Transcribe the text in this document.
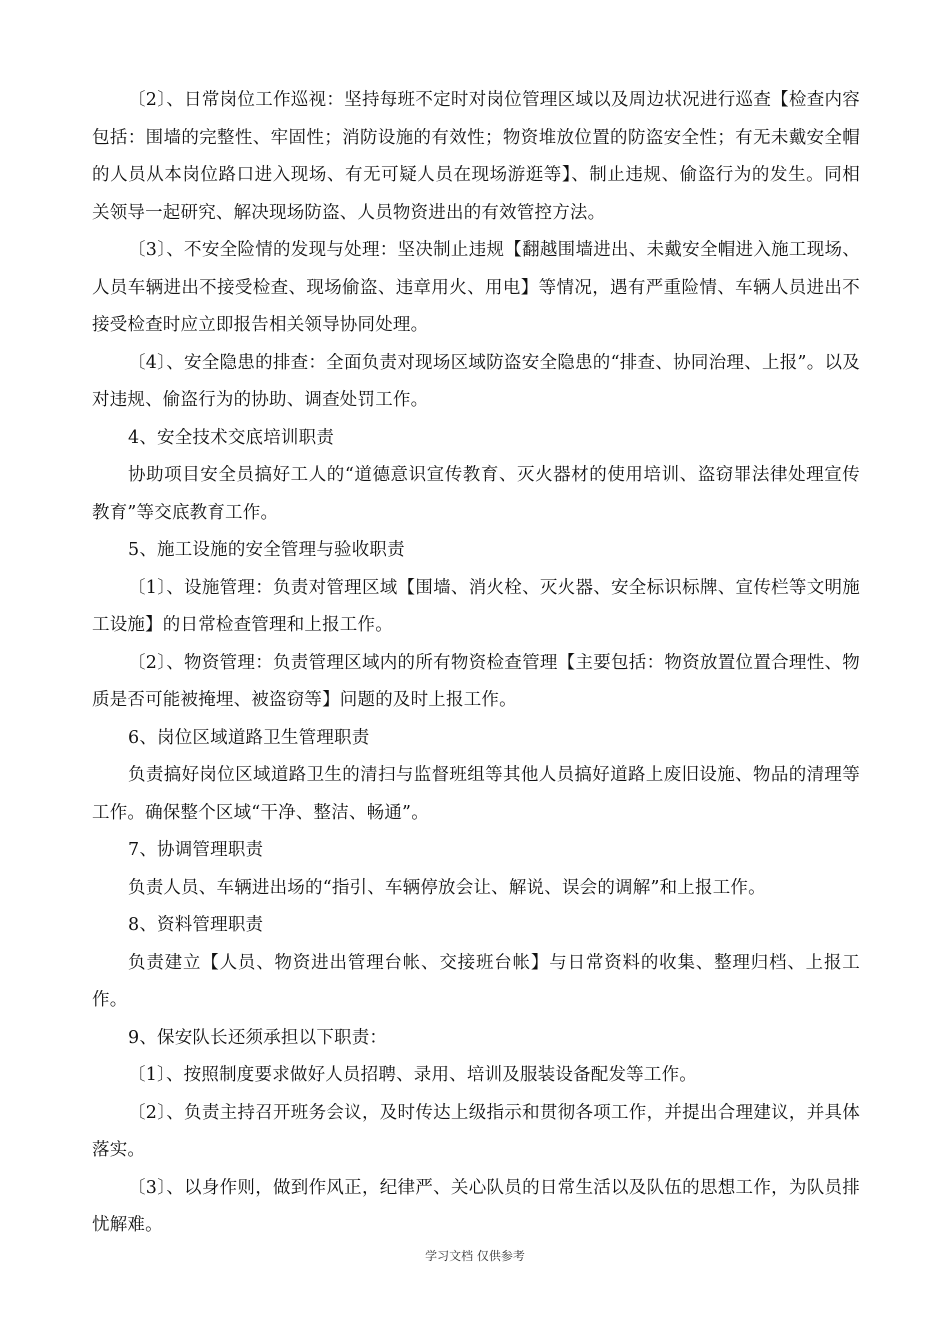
〔2〕、日常岗位工作巡视：坚持每班不定时对岗位管理区域以及周边状况进行巡查【检查内容包括：围墙的完整性、牢固性；消防设施的有效性；物资堆放位置的防盗安全性；有无未戴安全帽的人员从本岗位路口进入现场、有无可疑人员在现场游逛等】、制止违规、偷盗行为的发生。同相关领导一起研究、解决现场防盗、人员物资进出的有效管控方法。

〔3〕、不安全险情的发现与处理：坚决制止违规【翻越围墙进出、未戴安全帽进入施工现场、人员车辆进出不接受检查、现场偷盗、违章用火、用电】等情况，遇有严重险情、车辆人员进出不接受检查时应立即报告相关领导协同处理。

〔4〕、安全隐患的排查：全面负责对现场区域防盗安全隐患的“排查、协同治理、上报”。以及对违规、偷盗行为的协助、调查处罚工作。

4、安全技术交底培训职责

协助项目安全员搞好工人的“道德意识宣传教育、灭火器材的使用培训、盗窃罪法律处理宣传教育”等交底教育工作。

5、施工设施的安全管理与验收职责

〔1〕、设施管理：负责对管理区域【围墙、消火栓、灭火器、安全标识标牌、宣传栏等文明施工设施】的日常检查管理和上报工作。

〔2〕、物资管理：负责管理区域内的所有物资检查管理【主要包括：物资放置位置合理性、物质是否可能被掩埋、被盗窃等】问题的及时上报工作。

6、岗位区域道路卫生管理职责

负责搞好岗位区域道路卫生的清扫与监督班组等其他人员搞好道路上废旧设施、物品的清理等工作。确保整个区域“干净、整洁、畅通”。

7、协调管理职责

负责人员、车辆进出场的“指引、车辆停放会让、解说、误会的调解”和上报工作。

8、资料管理职责

负责建立【人员、物资进出管理台帐、交接班台帐】与日常资料的收集、整理归档、上报工作。

9、保安队长还须承担以下职责：

〔1〕、按照制度要求做好人员招聘、录用、培训及服装设备配发等工作。

〔2〕、负责主持召开班务会议，及时传达上级指示和贯彻各项工作，并提出合理建议，并具体落实。

〔3〕、以身作则，做到作风正，纪律严、关心队员的日常生活以及队伍的思想工作，为队员排忧解难。

学习文档 仅供参考
